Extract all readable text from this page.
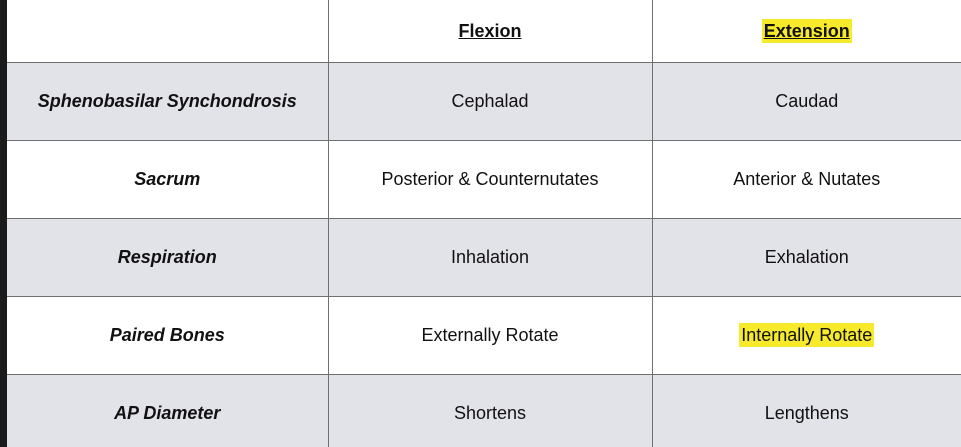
	Flexion	Extension
Sphenobasilar Synchondrosis	Cephalad	Caudad
Sacrum	Posterior & Counternutates	Anterior & Nutates
Respiration	Inhalation	Exhalation
Paired Bones	Externally Rotate	Internally Rotate
AP Diameter	Shortens	Lengthens
